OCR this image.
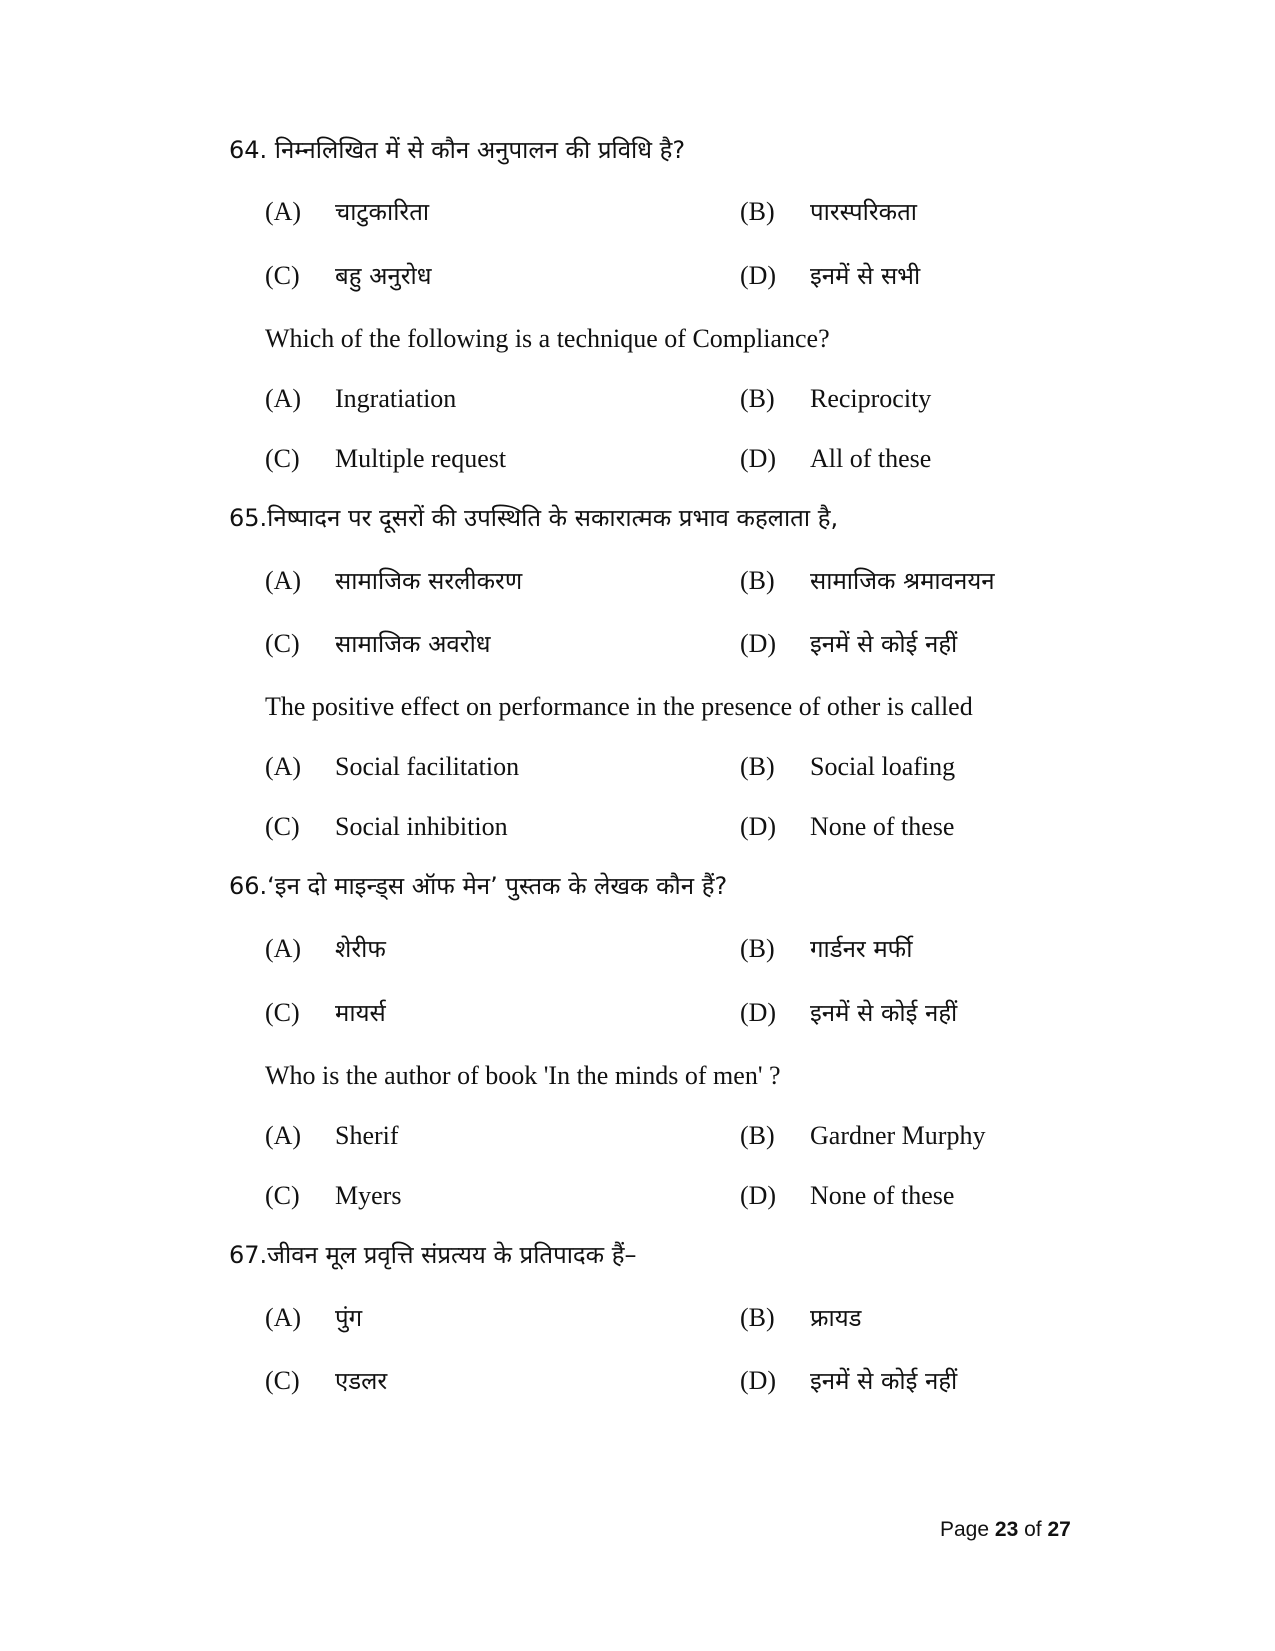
64. निम्नलिखित में से कौन अनुपालन की प्रविधि है?
(A) चाटुकारिता	(B) पारस्परिकता
(C) बहु अनुरोध	(D) इनमें से सभी
Which of the following is a technique of Compliance?
(A) Ingratiation	(B) Reciprocity
(C) Multiple request	(D) All of these
65.निष्पादन पर दूसरों की उपस्थिति के सकारात्मक प्रभाव कहलाता है,
(A) सामाजिक सरलीकरण	(B) सामाजिक श्रमावनयन
(C) सामाजिक अवरोध	(D) इनमें से कोई नहीं
The positive effect on performance in the presence of other is called
(A) Social facilitation	(B) Social loafing
(C) Social inhibition	(D) None of these
66.‘इन दो माइन्ड्स ऑफ मेन’ पुस्तक के लेखक कौन हैं?
(A) शेरीफ	(B) गार्डनर मर्फी
(C) मायर्स	(D) इनमें से कोई नहीं
Who is the author of book 'In the minds of men' ?
(A) Sherif	(B) Gardner Murphy
(C) Myers	(D) None of these
67.जीवन मूल प्रवृत्ति संप्रत्यय के प्रतिपादक हैं–
(A) पुंग	(B) फ्रायड
(C) एडलर	(D) इनमें से कोई नहीं
Page 23 of 27
